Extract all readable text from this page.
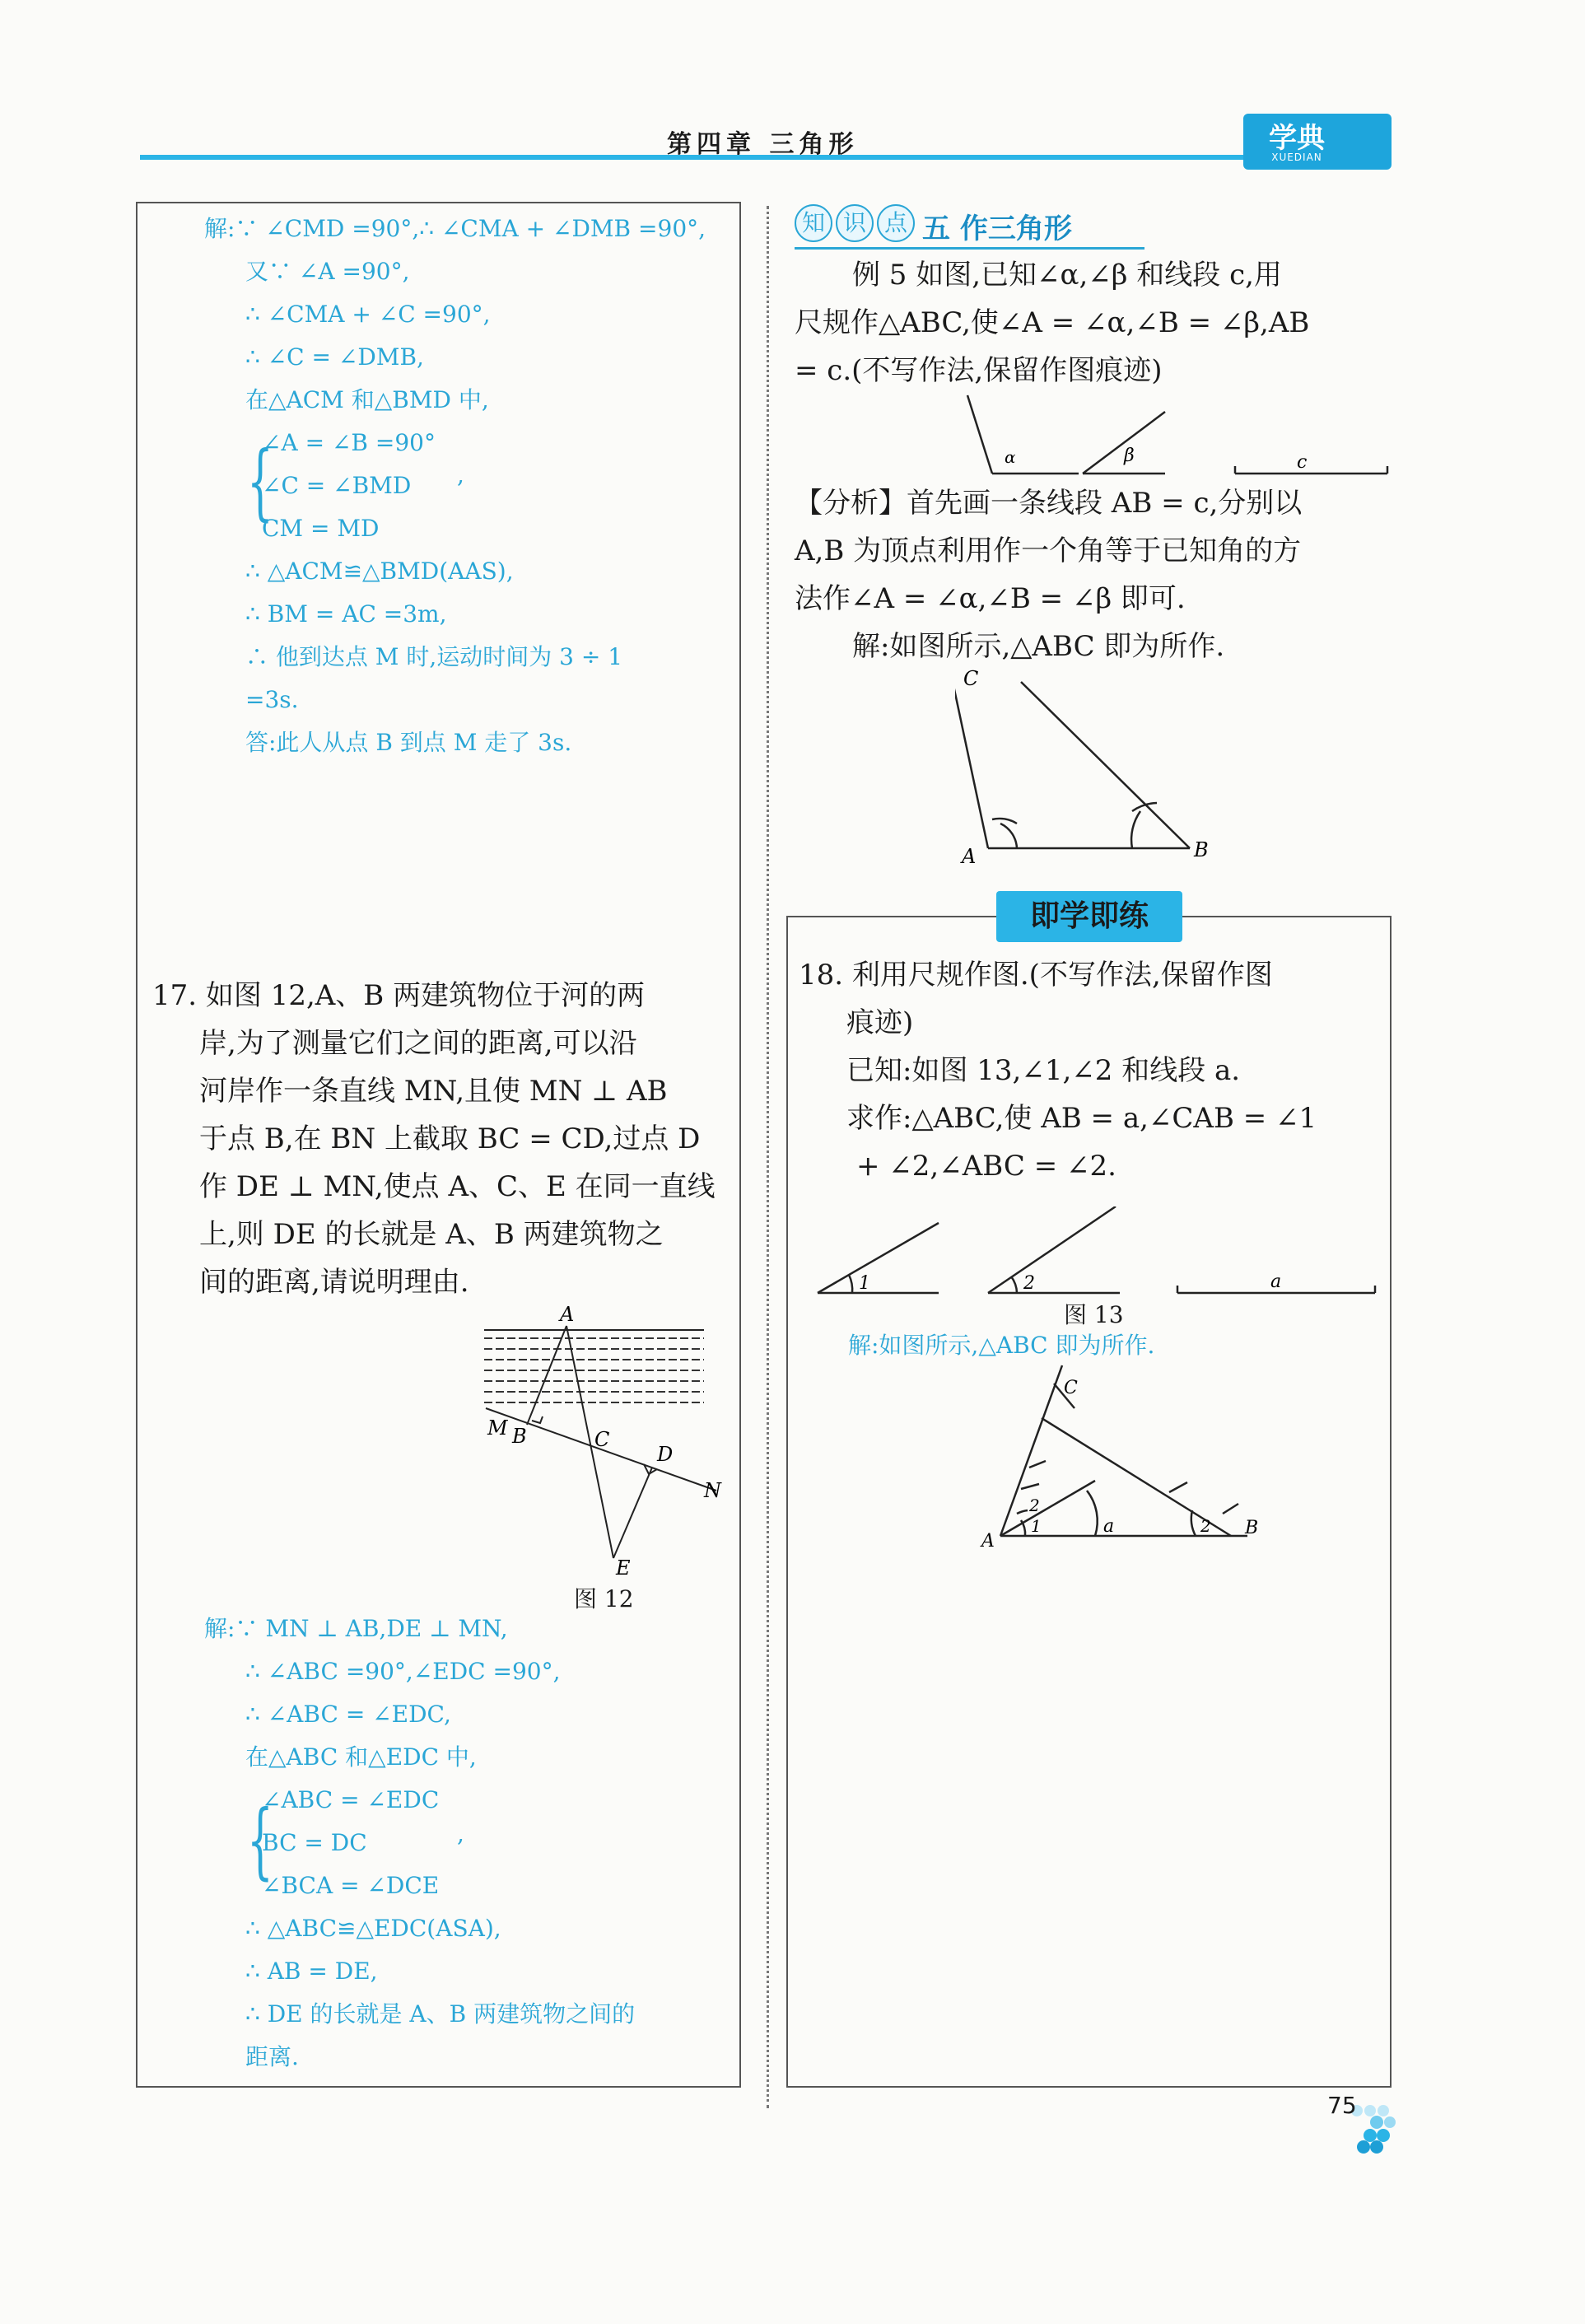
第四章 三角形	学典
XUEDIAN
解:∵ ∠CMD =90°,∴ ∠CMA + ∠DMB =90°,
又∵ ∠A =90°,
∴ ∠CMA + ∠C =90°,
∴ ∠C = ∠DMB,
在△ACM 和△BMD 中,
∠A = ∠B =90°
∠C = ∠BMD
CM = MD
∴ △ACM≌△BMD(AAS),
∴ BM = AC =3m,
∴ 他到达点 M 时,运动时间为 3 ÷ 1
=3s.
答:此人从点 B 到点 M 走了 3s.
{	,
17. 如图 12,A、B 两建筑物位于河的两
岸,为了测量它们之间的距离,可以沿
河岸作一条直线 MN,且使 MN ⊥ AB
于点 B,在 BN 上截取 BC = CD,过点 D
作 DE ⊥ MN,使点 A、C、E 在同一直线
上,则 DE 的长就是 A、B 两建筑物之
间的距离,请说明理由.
A
M B	C
D
N
E
图 12
解:∵ MN ⊥ AB,DE ⊥ MN,
∴ ∠ABC =90°,∠EDC =90°,
∴ ∠ABC = ∠EDC,
在△ABC 和△EDC 中,
∠ABC = ∠EDC
BC = DC
∠BCA = ∠DCE
∴ △ABC≌△EDC(ASA),
∴ AB = DE,
∴ DE 的长就是 A、B 两建筑物之间的
距离.
{	,
知 识 点 五 作三角形
例 5 如图,已知∠α,∠β 和线段 c,用
尺规作△ABC,使∠A = ∠α,∠B = ∠β,AB
= c.(不写作法,保留作图痕迹)
α	β	c
【分析】首先画一条线段 AB = c,分别以
A,B 为顶点利用作一个角等于已知角的方
法作∠A = ∠α,∠B = ∠β 即可.
解:如图所示,△ABC 即为所作.
C
A	B
即学即练
18. 利用尺规作图.(不写作法,保留作图
痕迹)
已知:如图 13,∠1,∠2 和线段 a.
求作:△ABC,使 AB = a,∠CAB = ∠1
+ ∠2,∠ABC = ∠2.
1	2	a
图 13
解:如图所示,△ABC 即为所作.
C
A
B
1
2
2
a
75
